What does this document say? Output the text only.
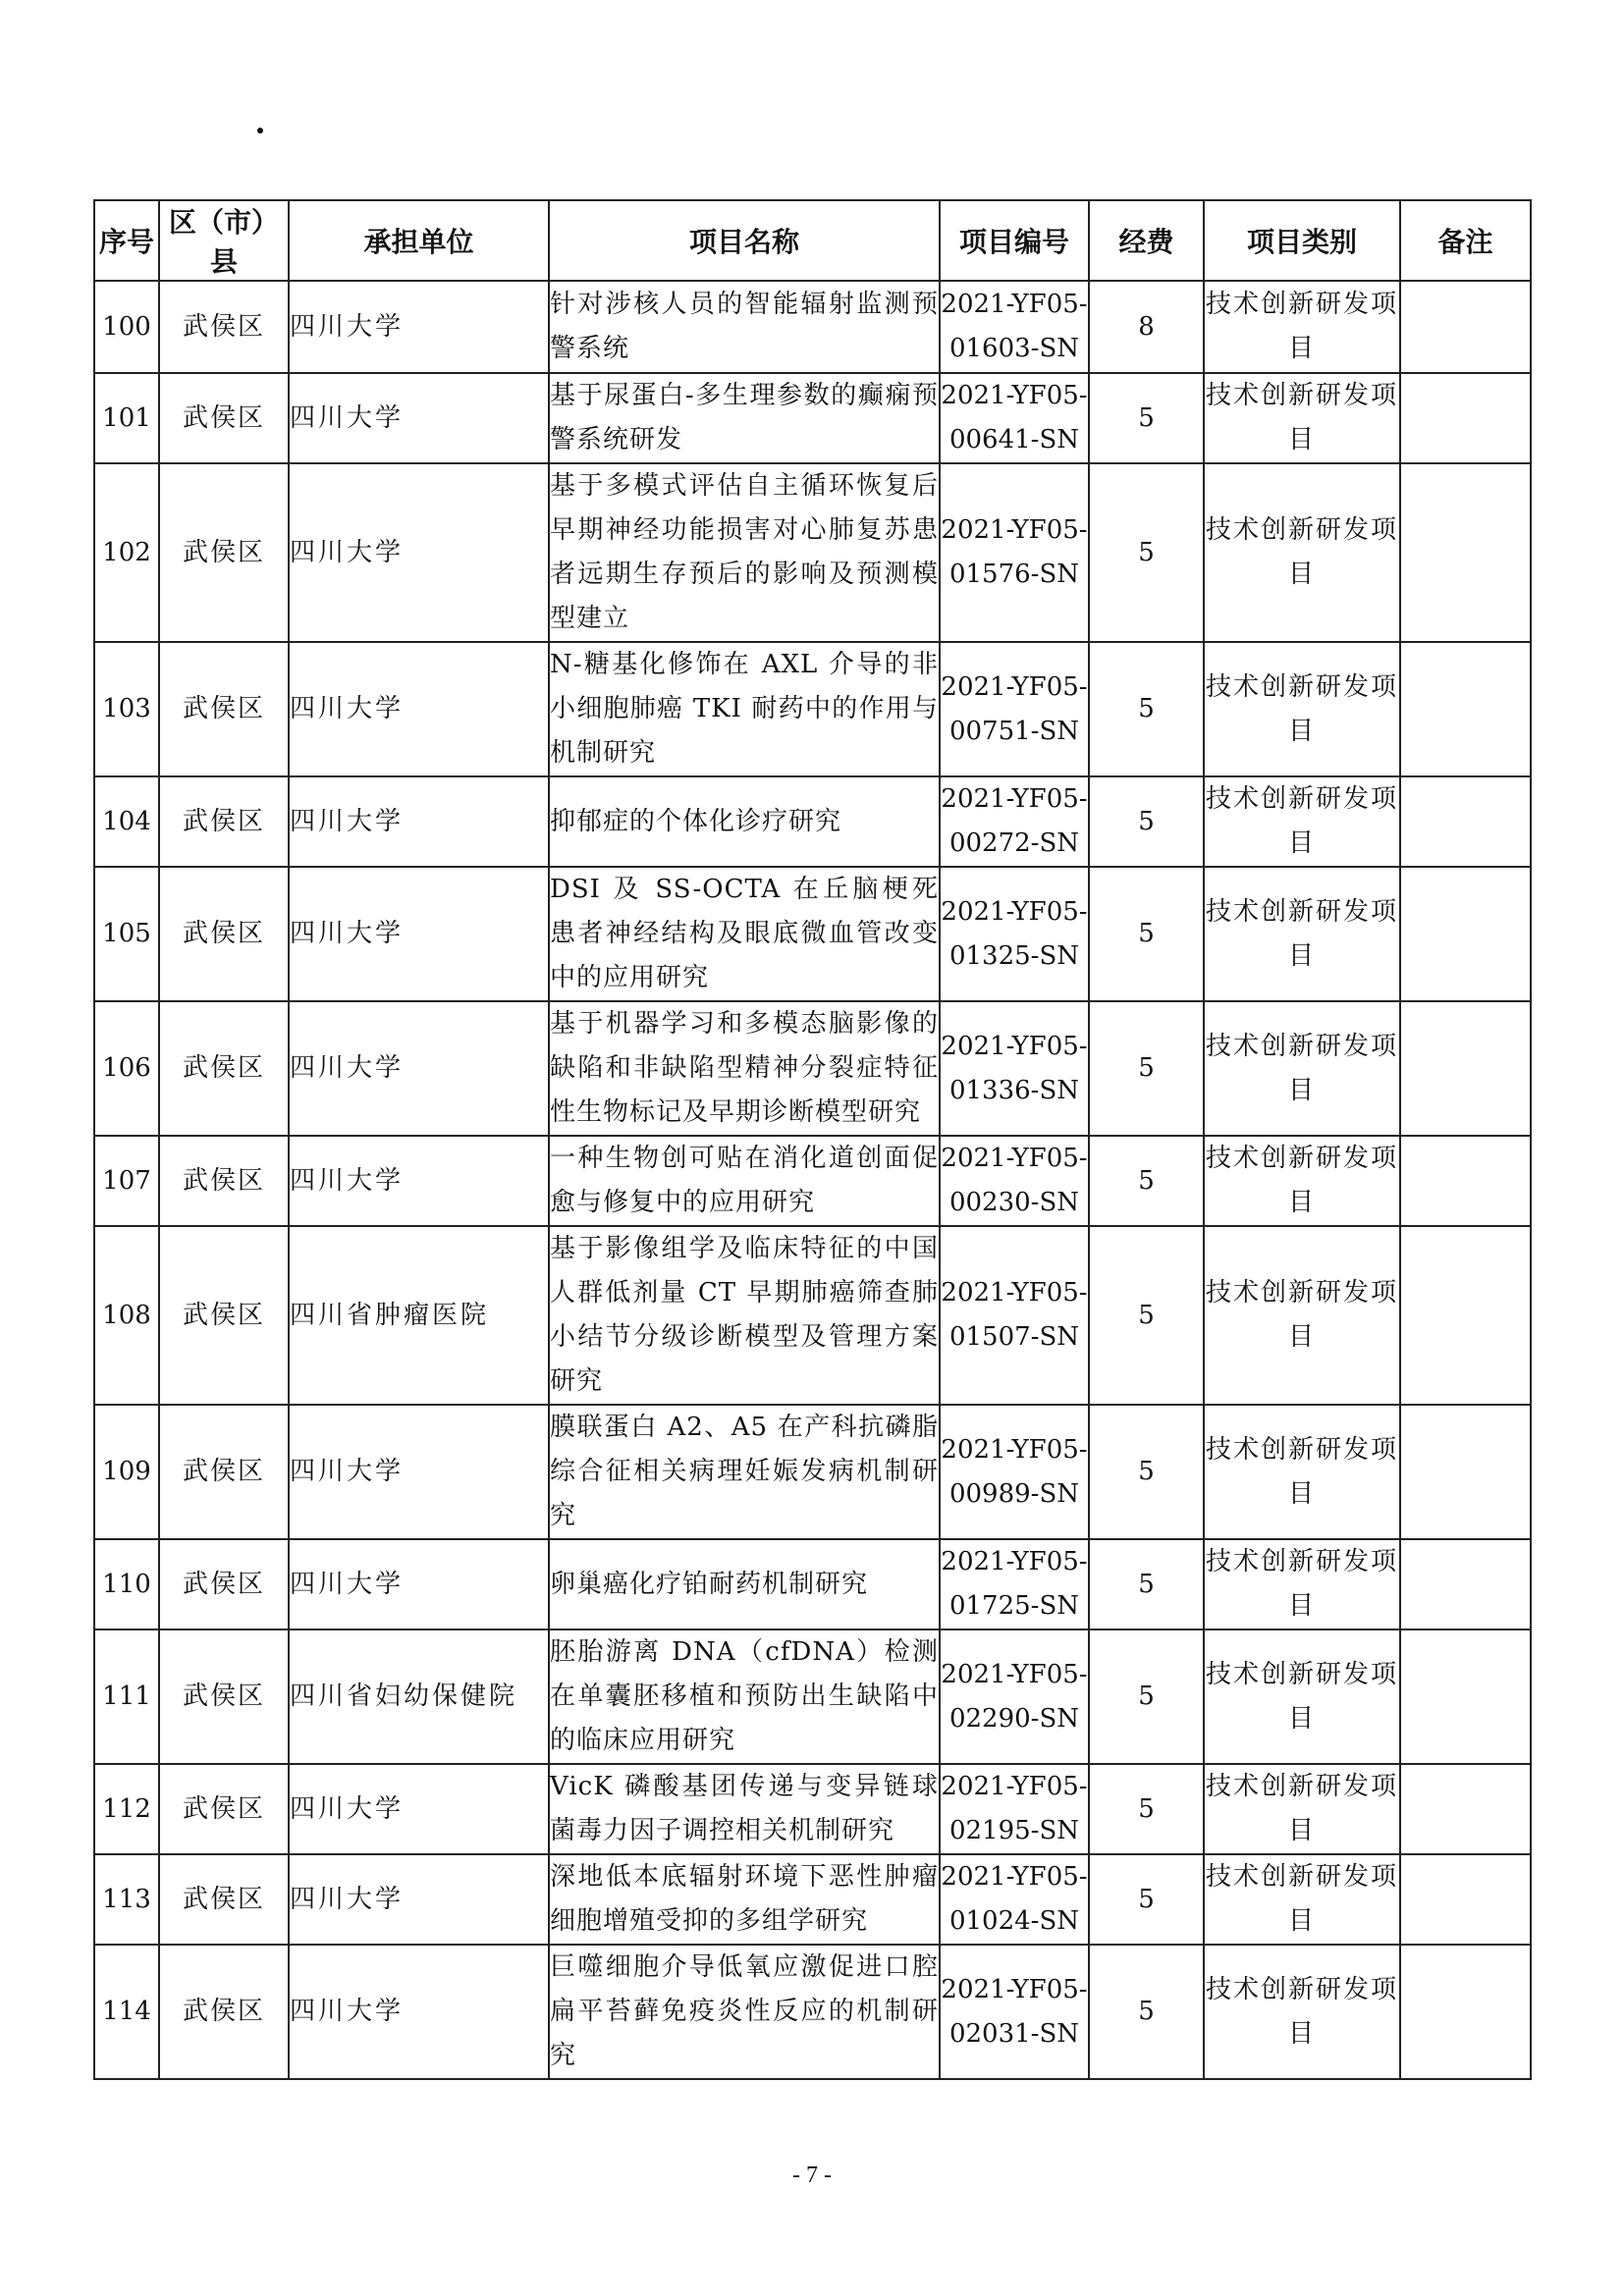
序号	区（市）县	承担单位	项目名称	项目编号	经费	项目类别	备注
100	武侯区	四川大学	针对涉核人员的智能辐射监测预警系统	2021-YF05-01603-SN	8	技术创新研发项目	
101	武侯区	四川大学	基于尿蛋白-多生理参数的癫痫预警系统研发	2021-YF05-00641-SN	5	技术创新研发项目	
102	武侯区	四川大学	基于多模式评估自主循环恢复后早期神经功能损害对心肺复苏患者远期生存预后的影响及预测模型建立	2021-YF05-01576-SN	5	技术创新研发项目	
103	武侯区	四川大学	N-糖基化修饰在 AXL 介导的非小细胞肺癌 TKI 耐药中的作用与机制研究	2021-YF05-00751-SN	5	技术创新研发项目	
104	武侯区	四川大学	抑郁症的个体化诊疗研究	2021-YF05-00272-SN	5	技术创新研发项目	
105	武侯区	四川大学	DSI 及 SS-OCTA 在丘脑梗死患者神经结构及眼底微血管改变中的应用研究	2021-YF05-01325-SN	5	技术创新研发项目	
106	武侯区	四川大学	基于机器学习和多模态脑影像的缺陷和非缺陷型精神分裂症特征性生物标记及早期诊断模型研究	2021-YF05-01336-SN	5	技术创新研发项目	
107	武侯区	四川大学	一种生物创可贴在消化道创面促愈与修复中的应用研究	2021-YF05-00230-SN	5	技术创新研发项目	
108	武侯区	四川省肿瘤医院	基于影像组学及临床特征的中国人群低剂量 CT 早期肺癌筛查肺小结节分级诊断模型及管理方案研究	2021-YF05-01507-SN	5	技术创新研发项目	
109	武侯区	四川大学	膜联蛋白 A2、A5 在产科抗磷脂综合征相关病理妊娠发病机制研究	2021-YF05-00989-SN	5	技术创新研发项目	
110	武侯区	四川大学	卵巢癌化疗铂耐药机制研究	2021-YF05-01725-SN	5	技术创新研发项目	
111	武侯区	四川省妇幼保健院	胚胎游离 DNA（cfDNA）检测在单囊胚移植和预防出生缺陷中的临床应用研究	2021-YF05-02290-SN	5	技术创新研发项目	
112	武侯区	四川大学	VicK 磷酸基团传递与变异链球菌毒力因子调控相关机制研究	2021-YF05-02195-SN	5	技术创新研发项目	
113	武侯区	四川大学	深地低本底辐射环境下恶性肿瘤细胞增殖受抑的多组学研究	2021-YF05-01024-SN	5	技术创新研发项目	
114	武侯区	四川大学	巨噬细胞介导低氧应激促进口腔扁平苔藓免疫炎性反应的机制研究	2021-YF05-02031-SN	5	技术创新研发项目	
- 7 -
